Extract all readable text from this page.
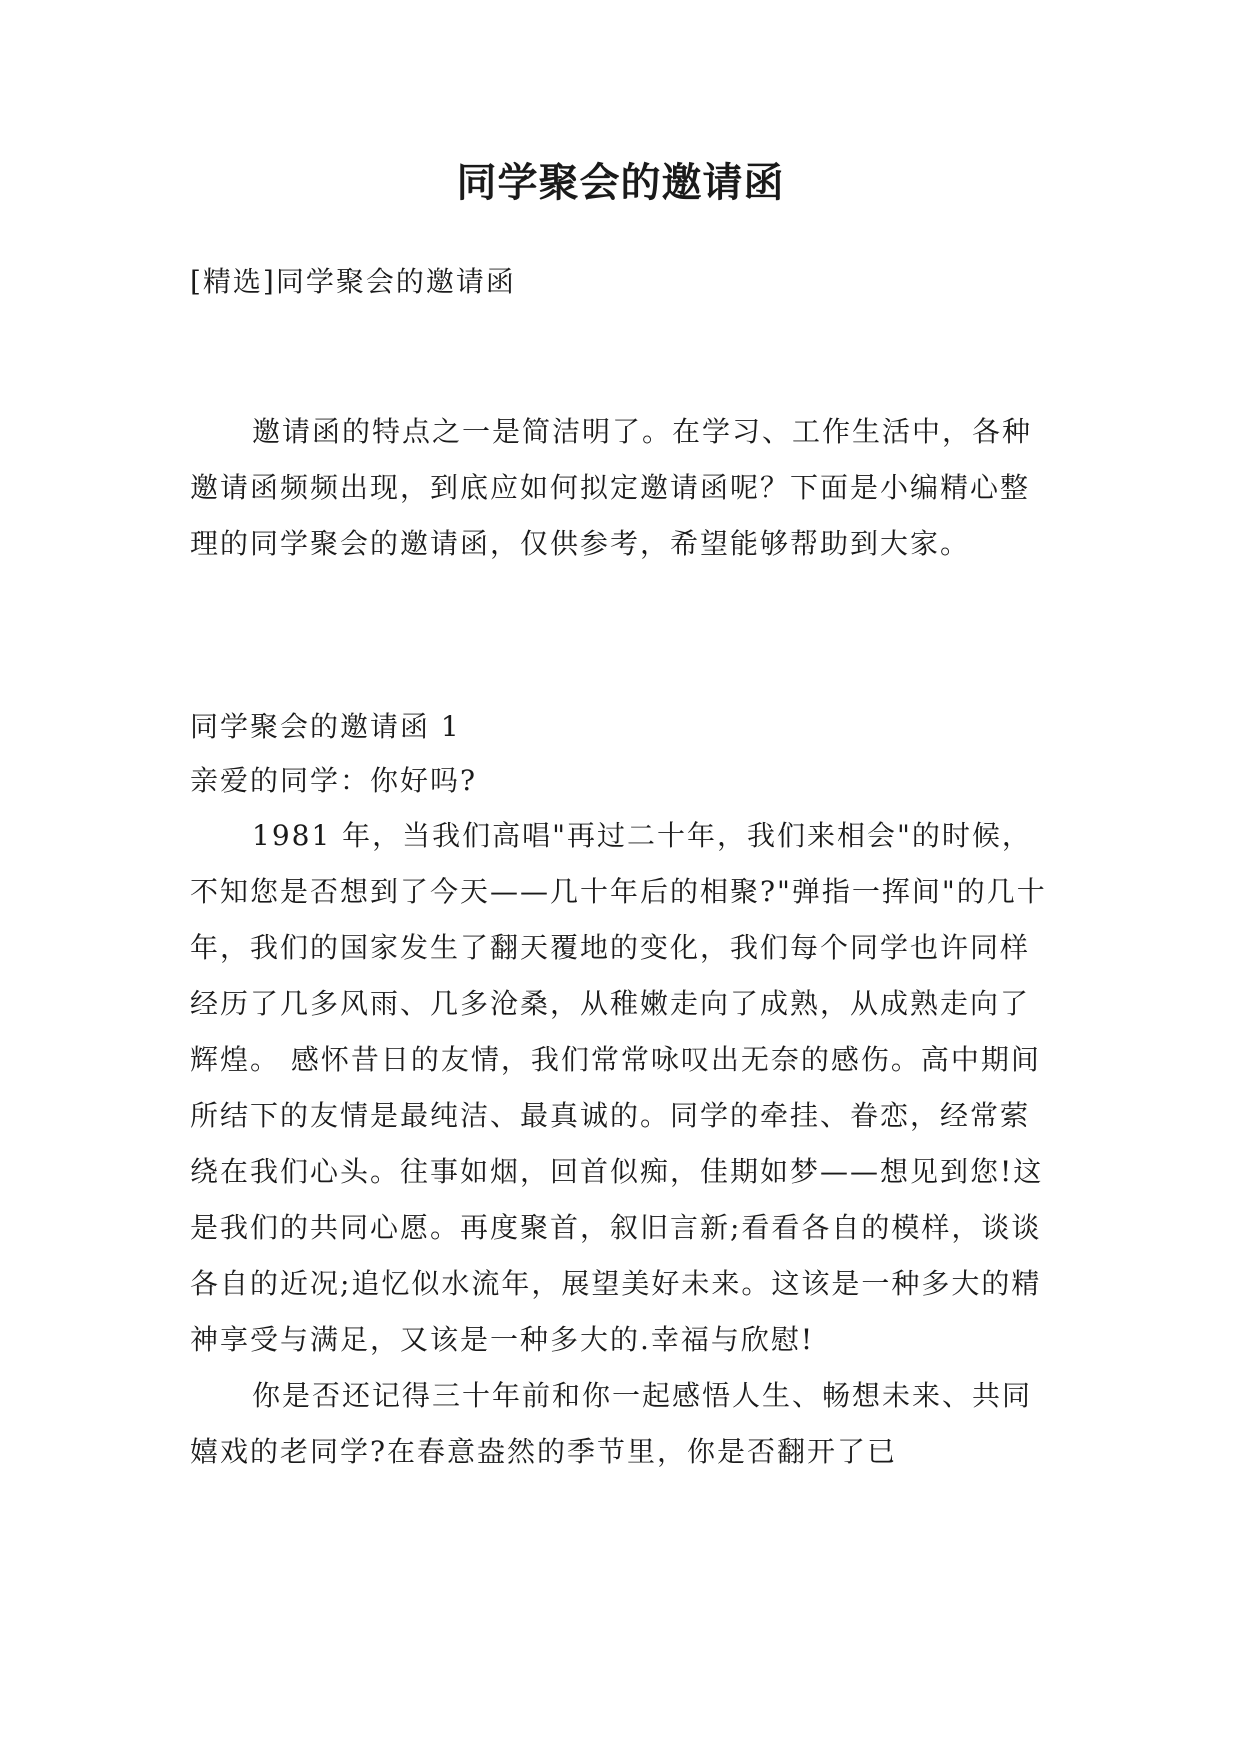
同学聚会的邀请函
[精选]同学聚会的邀请函

邀请函的特点之一是简洁明了。在学习、工作生活中，各种邀请函频频出现，到底应如何拟定邀请函呢？下面是小编精心整理的同学聚会的邀请函，仅供参考，希望能够帮助到大家。

同学聚会的邀请函 1
亲爱的同学：你好吗?

1981 年，当我们高唱"再过二十年，我们来相会"的时候，不知您是否想到了今天——几十年后的相聚?"弹指一挥间"的几十年，我们的国家发生了翻天覆地的变化，我们每个同学也许同样经历了几多风雨、几多沧桑，从稚嫩走向了成熟，从成熟走向了辉煌。 感怀昔日的友情，我们常常咏叹出无奈的感伤。高中期间所结下的友情是最纯洁、最真诚的。同学的牵挂、眷恋，经常萦绕在我们心头。往事如烟，回首似痴，佳期如梦——想见到您!这是我们的共同心愿。再度聚首，叙旧言新;看看各自的模样，谈谈各自的近况;追忆似水流年，展望美好未来。这该是一种多大的精神享受与满足，又该是一种多大的.幸福与欣慰!

你是否还记得三十年前和你一起感悟人生、畅想未来、共同嬉戏的老同学?在春意盎然的季节里，你是否翻开了已
